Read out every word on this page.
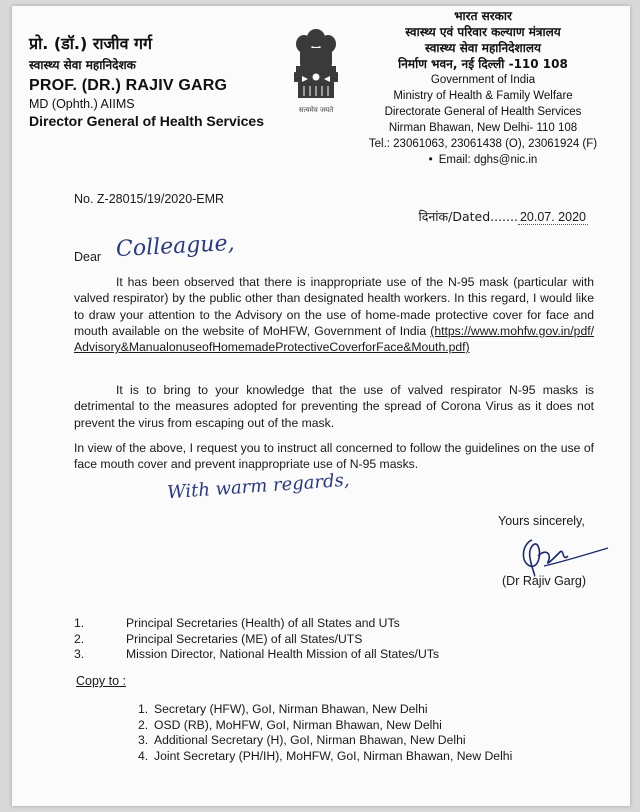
प्रो. (डॉ.) राजीव गर्ग
स्वास्थ्य सेवा महानिदेशक
PROF. (DR.) RAJIV GARG
MD (Ophth.) AIIMS
Director General of Health Services
सत्यमेव जयते
भारत सरकार
स्वास्थ्य एवं परिवार कल्याण मंत्रालय
स्वास्थ्य सेवा महानिदेशालय
निर्माण भवन, नई दिल्ली -110 108
Government of India
Ministry of Health & Family Welfare
Directorate General of Health Services
Nirman Bhawan, New Delhi- 110 108
Tel.: 23061063, 23061438 (O), 23061924 (F)
• Email: dghs@nic.in
No. Z-28015/19/2020-EMR
दिनांक/Dated....... 20.07. 2020
Dear Colleague,
It has been observed that there is inappropriate use of the N-95 mask (particular with valved respirator) by the public other than designated health workers. In this regard, I would like to draw your attention to the Advisory on the use of home-made protective cover for face and mouth available on the website of MoHFW, Government of India (https://www.mohfw.gov.in/pdf/Advisory&ManualonuseofHomemadeProtectiveCoverforFace&Mouth.pdf)
It is to bring to your knowledge that the use of valved respirator N-95 masks is detrimental to the measures adopted for preventing the spread of Corona Virus as it does not prevent the virus from escaping out of the mask.
In view of the above, I request you to instruct all concerned to follow the guidelines on the use of face mouth cover and prevent inappropriate use of N-95 masks.
With warm regards,
Yours sincerely,
(Dr Rajiv Garg)
1.	Principal Secretaries (Health) of all States and UTs
2.	Principal Secretaries (ME) of all States/UTS
3.	Mission Director, National Health Mission of all States/UTs
Copy to :
1. Secretary (HFW), GoI, Nirman Bhawan, New Delhi
2. OSD (RB), MoHFW, GoI, Nirman Bhawan, New Delhi
3. Additional Secretary (H), GoI, Nirman Bhawan, New Delhi
4. Joint Secretary (PH/IH), MoHFW, GoI, Nirman Bhawan, New Delhi
